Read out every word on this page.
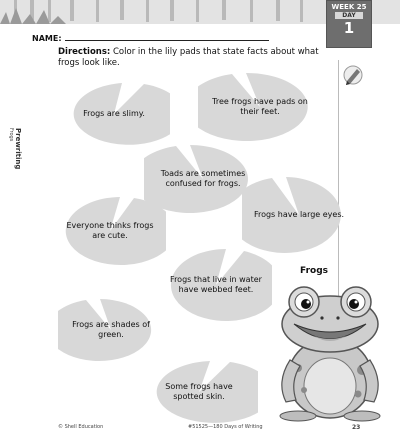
NAME:
WEEK 25
DAY
1
Prewriting
Frogs
Directions: Color in the lily pads that state facts about what frogs look like.
Frogs are slimy.
Tree frogs have pads on their feet.
Toads are sometimes confused for frogs.
Everyone thinks frogs are cute.
Frogs have large eyes.
Frogs that live in water have webbed feet.
Frogs are shades of green.
Some frogs have spotted skin.
Frogs
© Shell Education	#51525—180 Days of Writing	23
